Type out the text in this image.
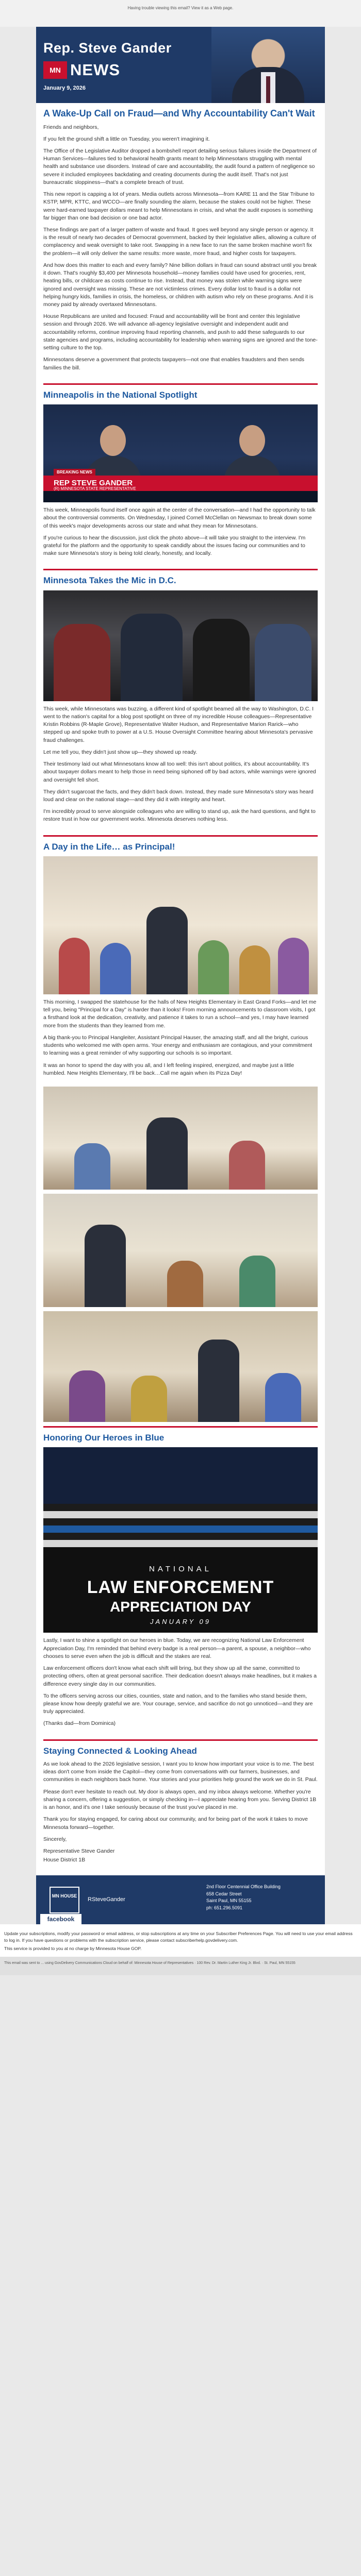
Having trouble viewing this email? View it as a Web page.
Rep. Steve Gander
MN NEWS
January 9, 2026
A Wake-Up Call on Fraud—and Why Accountability Can't Wait

Friends and neighbors,

If you felt the ground shift a little on Tuesday, you weren't imagining it.

The Office of the Legislative Auditor dropped a bombshell report detailing serious failures inside the Department of Human Services—failures tied to behavioral health grants meant to help Minnesotans struggling with mental health and substance use disorders. Instead of care and accountability, the audit found a pattern of negligence so severe it included employees backdating and creating documents during the audit itself. That's not just bureaucratic sloppiness—that's a complete breach of trust.

This new report is capping a lot of years. Media outlets across Minnesota—from KARE 11 and the Star Tribune to KSTP, MPR, KTTC, and WCCO—are finally sounding the alarm, because the stakes could not be higher. These were hard-earned taxpayer dollars meant to help Minnesotans in crisis, and what the audit exposes is something far bigger than one bad decision or one bad actor.

These findings are part of a larger pattern of waste and fraud. It goes well beyond any single person or agency. It is the result of nearly two decades of Democrat government, backed by their legislative allies, allowing a culture of complacency and weak oversight to take root. Swapping in a new face to run the same broken machine won't fix the problem—it will only deliver the same results: more waste, more fraud, and higher costs for taxpayers.

And how does this matter to each and every family? Nine billion dollars in fraud can sound abstract until you break it down. That's roughly $3,400 per Minnesota household—money families could have used for groceries, rent, heating bills, or childcare as costs continue to rise. Instead, that money was stolen while warning signs were ignored and oversight was missing. These are not victimless crimes. Every dollar lost to fraud is a dollar not helping hungry kids, families in crisis, the homeless, or children with autism who rely on these programs. And it is money paid by already overtaxed Minnesotans.

House Republicans are united and focused: Fraud and accountability will be front and center this legislative session and through 2026. We will advance all-agency legislative oversight and independent audit and accountability reforms, continue improving fraud reporting channels, and push to add these safeguards to our state agencies and programs, including accountability for leadership when warning signs are ignored and the tone-setting culture to the top.

Minnesotans deserve a government that protects taxpayers—not one that enables fraudsters and then sends families the bill.

Minneapolis in the National Spotlight
BREAKING NEWS
REP STEVE GANDER
(R) MINNESOTA STATE REPRESENTATIVE

This week, Minneapolis found itself once again at the center of the conversation—and I had the opportunity to talk about the controversial comments. On Wednesday, I joined Cornell McClellan on Newsmax to break down some of this week's major developments across our state and what they mean for Minnesotans.

If you're curious to hear the discussion, just click the photo above—it will take you straight to the interview. I'm grateful for the platform and the opportunity to speak candidly about the issues facing our communities and to make sure Minnesota's story is being told clearly, honestly, and locally.

Minnesota Takes the Mic in D.C.

This week, while Minnesotans was buzzing, a different kind of spotlight beamed all the way to Washington, D.C. I went to the nation's capital for a blog post spotlight on three of my incredible House colleagues—Representative Kristin Robbins (R-Maple Grove), Representative Walter Hudson, and Representative Marion Rarick—who stepped up and spoke truth to power at a U.S. House Oversight Committee hearing about Minnesota's pervasive fraud challenges.

Let me tell you, they didn't just show up—they showed up ready.

Their testimony laid out what Minnesotans know all too well: this isn't about politics, it's about accountability. It's about taxpayer dollars meant to help those in need being siphoned off by bad actors, while warnings were ignored and oversight fell short.

They didn't sugarcoat the facts, and they didn't back down. Instead, they made sure Minnesota's story was heard loud and clear on the national stage—and they did it with integrity and heart.

I'm incredibly proud to serve alongside colleagues who are willing to stand up, ask the hard questions, and fight to restore trust in how our government works. Minnesota deserves nothing less.

A Day in the Life… as Principal!

This morning, I swapped the statehouse for the halls of New Heights Elementary in East Grand Forks—and let me tell you, being "Principal for a Day" is harder than it looks! From morning announcements to classroom visits, I got a firsthand look at the dedication, creativity, and patience it takes to run a school—and yes, I may have learned more from the students than they learned from me.

A big thank-you to Principal Hangleiter, Assistant Principal Hauser, the amazing staff, and all the bright, curious students who welcomed me with open arms. Your energy and enthusiasm are contagious, and your commitment to learning was a great reminder of why supporting our schools is so important.

It was an honor to spend the day with you all, and I left feeling inspired, energized, and maybe just a little humbled. New Heights Elementary, I'll be back…Call me again when its Pizza Day!

Honoring Our Heroes in Blue
NATIONAL
LAW ENFORCEMENT
APPRECIATION DAY
JANUARY 09

Lastly, I want to shine a spotlight on our heroes in blue. Today, we are recognizing National Law Enforcement Appreciation Day, I'm reminded that behind every badge is a real person—a parent, a spouse, a neighbor—who chooses to serve even when the job is difficult and the stakes are real.

Law enforcement officers don't know what each shift will bring, but they show up all the same, committed to protecting others, often at great personal sacrifice. Their dedication doesn't always make headlines, but it makes a difference every single day in our communities.

To the officers serving across our cities, counties, state and nation, and to the families who stand beside them, please know how deeply grateful we are. Your courage, service, and sacrifice do not go unnoticed—and they are truly appreciated.

(Thanks dad—from Dominica)

Staying Connected & Looking Ahead

As we look ahead to the 2026 legislative session, I want you to know how important your voice is to me. The best ideas don't come from inside the Capitol—they come from conversations with our farmers, businesses, and communities in each neighbors back home. Your stories and your priorities help ground the work we do in St. Paul.

Please don't ever hesitate to reach out. My door is always open, and my inbox always welcome. Whether you're sharing a concern, offering a suggestion, or simply checking in—I appreciate hearing from you. Serving District 1B is an honor, and it's one I take seriously because of the trust you've placed in me.

Thank you for staying engaged, for caring about our community, and for being part of the work it takes to move Minnesota forward—together.

Sincerely,

Representative Steve Gander

House District 1B

MN HOUSE
facebook
RSteveGander
2nd Floor Centennial Office Building
658 Cedar Street
Saint Paul, MN 55155
ph: 651.296.5091

Update your subscriptions, modify your password or email address, or stop subscriptions at any time on your Subscriber Preferences Page. You will need to use your email address to log in. If you have questions or problems with the subscription service, please contact subscriberhelp.govdelivery.com.

This service is provided to you at no charge by Minnesota House GOP.

This email was sent to ... using GovDelivery Communications Cloud on behalf of: Minnesota House of Representatives · 100 Rev. Dr. Martin Luther King Jr. Blvd. · St. Paul, MN 55155
